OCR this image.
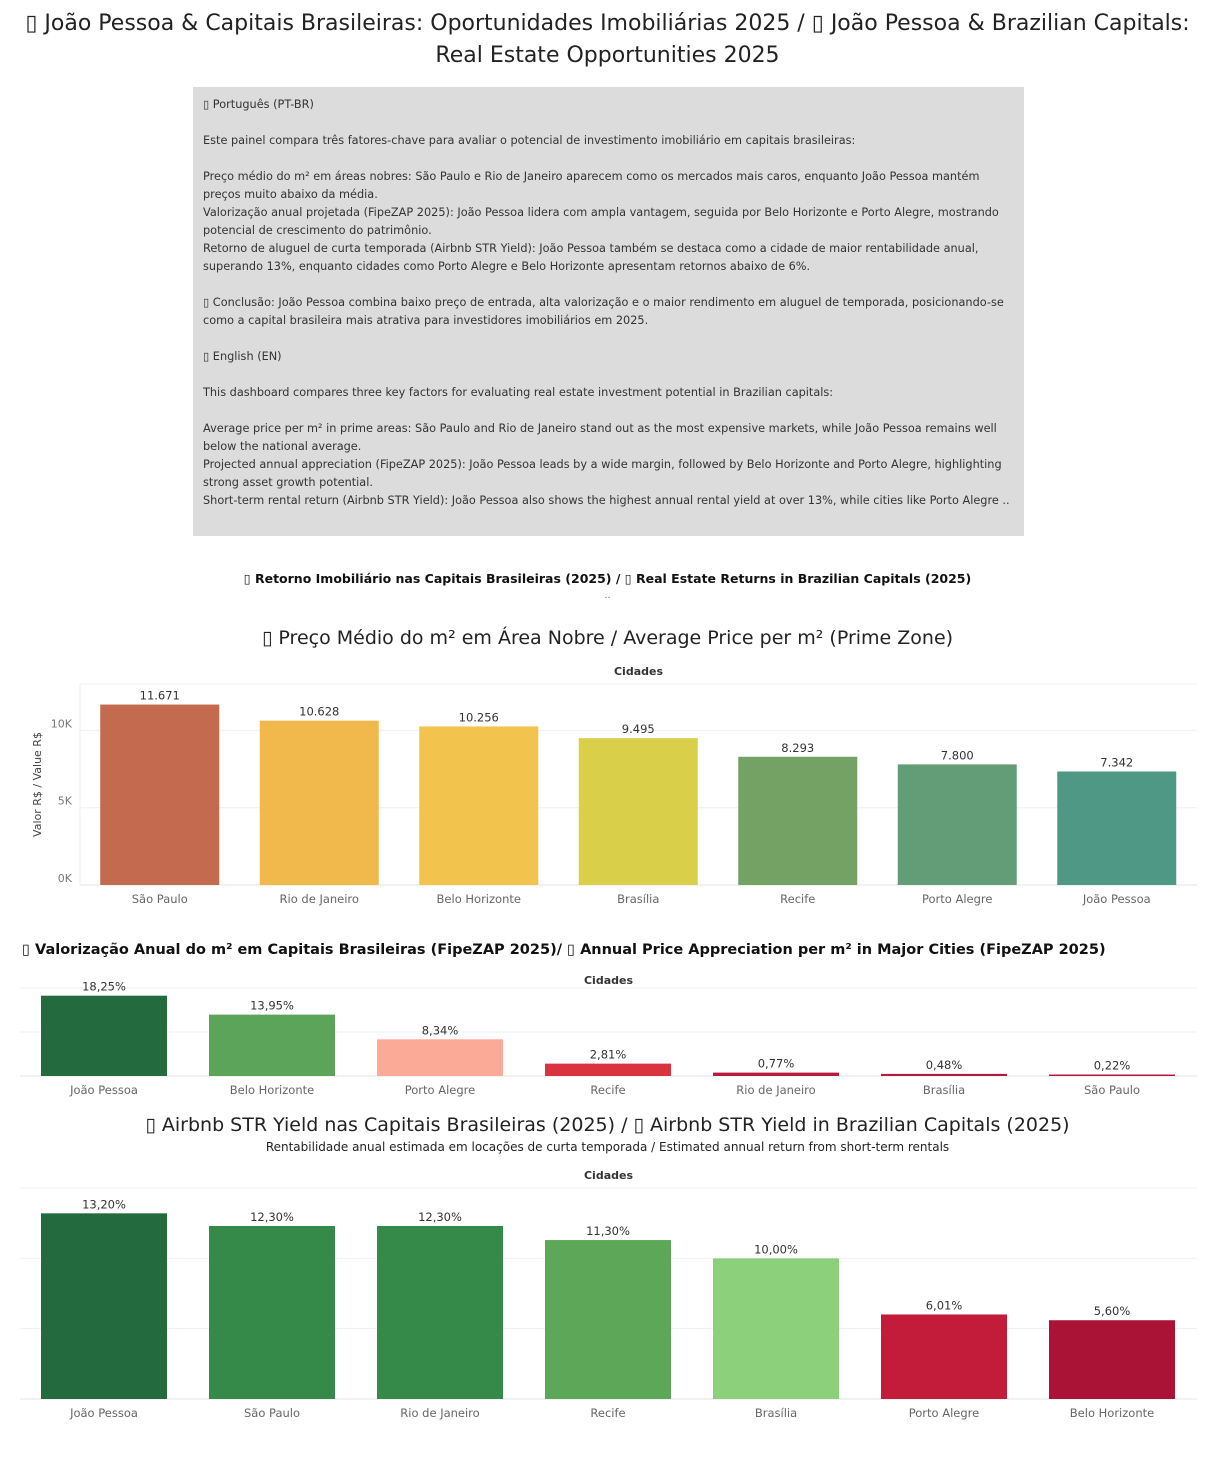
▯ João Pessoa & Capitais Brasileiras: Oportunidades Imobiliárias 2025 / ▯ João Pessoa & Brazilian Capitals:
Real Estate Opportunities 2025

▯ Português (PT-BR)

Este painel compara três fatores-chave para avaliar o potencial de investimento imobiliário em capitais brasileiras:

Preço médio do m² em áreas nobres: São Paulo e Rio de Janeiro aparecem como os mercados mais caros, enquanto João Pessoa mantém preços muito abaixo da média.

Valorização anual projetada (FipeZAP 2025): João Pessoa lidera com ampla vantagem, seguida por Belo Horizonte e Porto Alegre, mostrando potencial de crescimento do patrimônio.

Retorno de aluguel de curta temporada (Airbnb STR Yield): João Pessoa também se destaca como a cidade de maior rentabilidade anual, superando 13%, enquanto cidades como Porto Alegre e Belo Horizonte apresentam retornos abaixo de 6%.

▯ Conclusão: João Pessoa combina baixo preço de entrada, alta valorização e o maior rendimento em aluguel de temporada, posicionando-se como a capital brasileira mais atrativa para investidores imobiliários em 2025.

▯ English (EN)

This dashboard compares three key factors for evaluating real estate investment potential in Brazilian capitals:

Average price per m² in prime areas: São Paulo and Rio de Janeiro stand out as the most expensive markets, while João Pessoa remains well below the national average.

Projected annual appreciation (FipeZAP 2025): João Pessoa leads by a wide margin, followed by Belo Horizonte and Porto Alegre, highlighting strong asset growth potential.

Short-term rental return (Airbnb STR Yield): João Pessoa also shows the highest annual rental yield at over 13%, while cities like Porto Alegre ..

▯ Retorno Imobiliário nas Capitais Brasileiras (2025) / ▯ Real Estate Returns in Brazilian Capitals (2025)
..
▯ Preço Médio do m² em Área Nobre / Average Price per m² (Prime Zone)
Cidades
0K
5K
10K
Valor R$ / Value R$
11.671
São Paulo
10.628
Rio de Janeiro
10.256
Belo Horizonte
9.495
Brasília
8.293
Recife
7.800
Porto Alegre
7.342
João Pessoa
18,25%
João Pessoa
13,95%
Belo Horizonte
8,34%
Porto Alegre
2,81%
Recife
0,77%
Rio de Janeiro
0,48%
Brasília
0,22%
São Paulo
13,20%
João Pessoa
12,30%
São Paulo
12,30%
Rio de Janeiro
11,30%
Recife
10,00%
Brasília
6,01%
Porto Alegre
5,60%
Belo Horizonte
▯ Valorização Anual do m² em Capitais Brasileiras (FipeZAP 2025)/ ▯ Annual Price Appreciation per m² in Major Cities (FipeZAP 2025)
Cidades
▯ Airbnb STR Yield nas Capitais Brasileiras (2025) / ▯ Airbnb STR Yield in Brazilian Capitals (2025)
Rentabilidade anual estimada em locações de curta temporada / Estimated annual return from short-term rentals
Cidades
